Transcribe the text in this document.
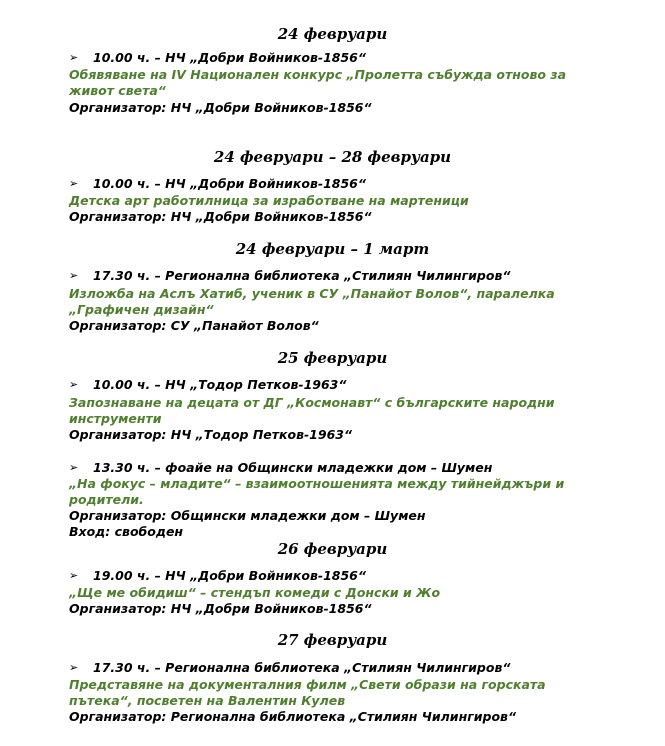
24 февруари
➢ 10.00 ч. – НЧ „Добри Войников-1856“
Обявяване на IV Национален конкурс „Пролетта събужда отново за
живот света“
Организатор: НЧ „Добри Войников-1856“
24 февруари – 28 февруари
➢ 10.00 ч. – НЧ „Добри Войников-1856“
Детска арт работилница за изработване на мартеници
Организатор: НЧ „Добри Войников-1856“
24 февруари – 1 март
➢ 17.30 ч. – Регионална библиотека „Стилиян Чилингиров“
Изложба на Аслъ Хатиб, ученик в СУ „Панайот Волов“, паралелка
„Графичен дизайн“
Организатор: СУ „Панайот Волов“
25 февруари
➢ 10.00 ч. – НЧ „Тодор Петков-1963“
Запознаване на децата от ДГ „Космонавт“ с българските народни
инструменти
Организатор: НЧ „Тодор Петков-1963“
➢ 13.30 ч. – фоайе на Общински младежки дом – Шумен
„На фокус – младите“ – взаимоотношенията между тийнейджъри и
родители.
Организатор: Общински младежки дом – Шумен
Вход: свободен
26 февруари
➢ 19.00 ч. – НЧ „Добри Войников-1856“
„Ще ме обидиш“ – стендъп комеди с Донски и Жо
Организатор: НЧ „Добри Войников-1856“
27 февруари
➢ 17.30 ч. – Регионална библиотека „Стилиян Чилингиров“
Представяне на документалния филм „Свети образи на горската
пътека“, посветен на Валентин Кулев
Организатор: Регионална библиотека „Стилиян Чилингиров“
